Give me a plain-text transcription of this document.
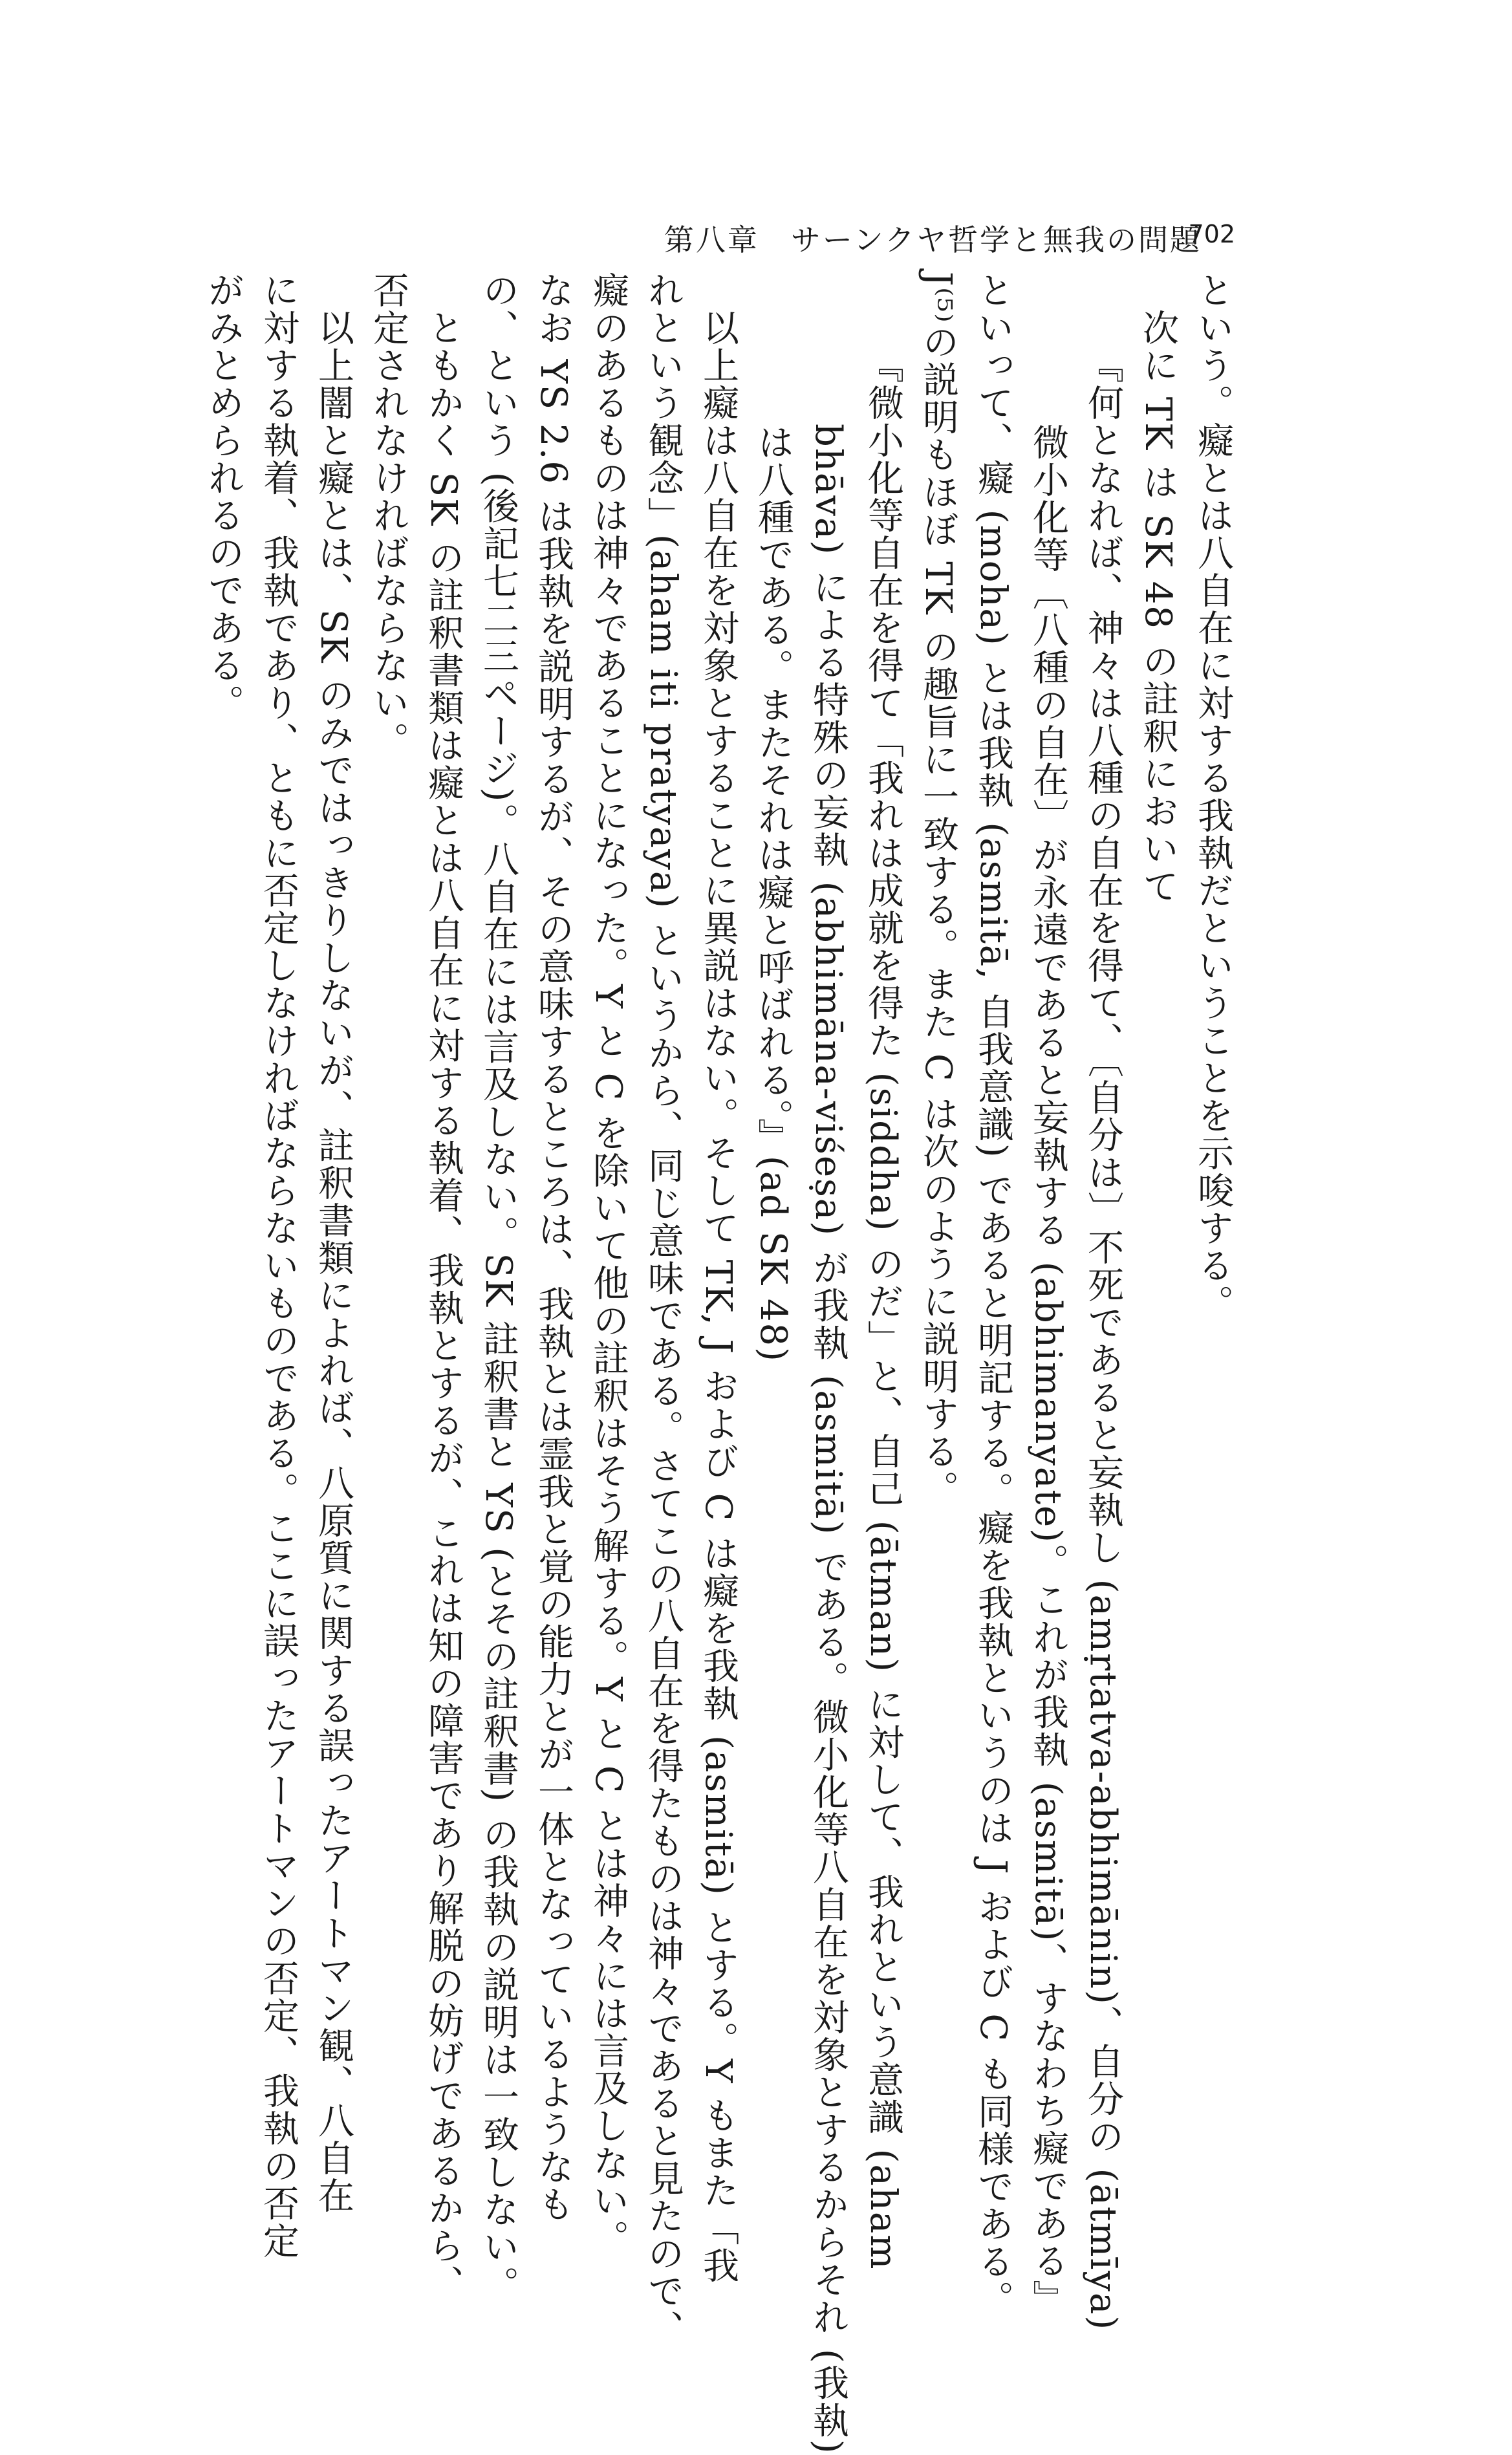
第八章　サーンクヤ哲学と無我の問題
702
という。癡とは八自在に対する我執だということを示唆する。
次に TK は SK 48 の註釈において
『何となれば、神々は八種の自在を得て、〔自分は〕不死であると妄執し (amṛtatva-abhimānin)、自分の (ātmīya)
微小化等〔八種の自在〕が永遠であると妄執する (abhimanyate)。これが我執 (asmitā)、すなわち癡である』
といって、癡 (moha) とは我執 (asmitā, 自我意識) であると明記する。癡を我執というのは J および C も同様である。
J⁽⁵⁾の説明もほぼ TK の趣旨に一致する。また C は次のように説明する。
『微小化等自在を得て「我れは成就を得た (siddha) のだ」と、自己 (ātman) に対して、我れという意識 (aham
bhāva) による特殊の妄執 (abhimāna-viśeṣa) が我執 (asmitā) である。微小化等八自在を対象とするからそれ (我執)
は八種である。またそれは癡と呼ばれる。』(ad SK 48)
以上癡は八自在を対象とすることに異説はない。そして TK, J および C は癡を我執 (asmitā) とする。Y もまた「我
れという観念」(aham iti pratyaya) というから、同じ意味である。さてこの八自在を得たものは神々であると見たので、
癡のあるものは神々であることになった。Y と C を除いて他の註釈はそう解する。Y と C とは神々には言及しない。
なお YS 2.6 は我執を説明するが、その意味するところは、我執とは霊我と覚の能力とが一体となっているようなも
の、という (後記七二三ページ)。八自在には言及しない。SK 註釈書と YS (とその註釈書) の我執の説明は一致しない。
ともかく SK の註釈書類は癡とは八自在に対する執着、我執とするが、これは知の障害であり解脱の妨げであるから、
否定されなければならない。
以上闇と癡とは、SK のみではっきりしないが、註釈書類によれば、八原質に関する誤ったアートマン観、八自在
に対する執着、我執であり、ともに否定しなければならないものである。ここに誤ったアートマンの否定、我執の否定
がみとめられるのである。
